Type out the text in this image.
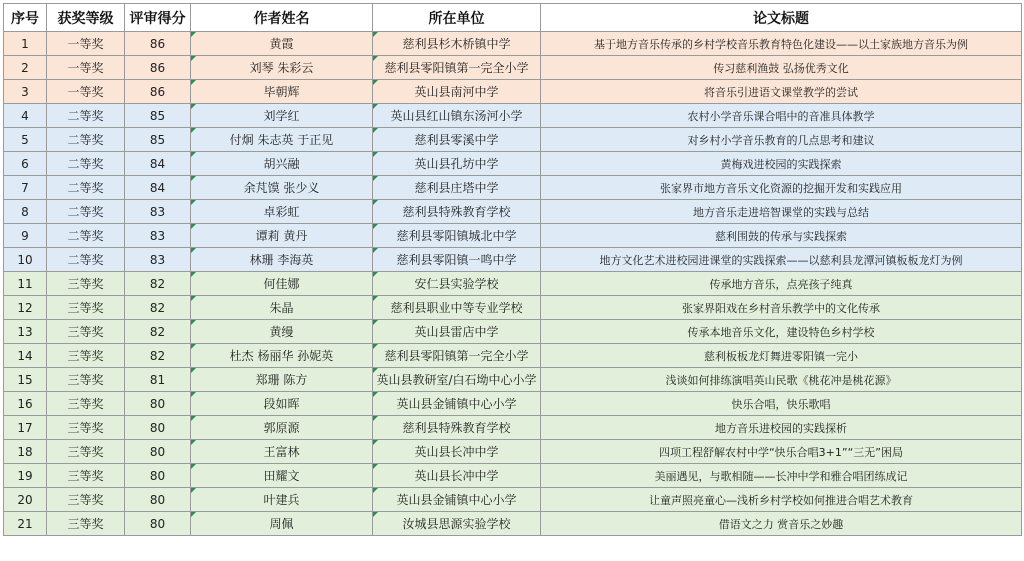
序号	获奖等级	评审得分	作者姓名	所在单位	论文标题
1	一等奖	86	黄霞	慈利县杉木桥镇中学	基于地方音乐传承的乡村学校音乐教育特色化建设——以土家族地方音乐为例
2	一等奖	86	刘琴 朱彩云	慈利县零阳镇第一完全小学	传习慈利渔鼓 弘扬优秀文化
3	一等奖	86	毕朝辉	英山县南河中学	将音乐引进语文课堂教学的尝试
4	二等奖	85	刘学红	英山县红山镇东汤河小学	农村小学音乐课合唱中的音准具体教学
5	二等奖	85	付炯 朱志英 于正见	慈利县零溪中学	对乡村小学音乐教育的几点思考和建议
6	二等奖	84	胡兴融	英山县孔坊中学	黄梅戏进校园的实践探索
7	二等奖	84	余芃馍 张少义	慈利县庄塔中学	张家界市地方音乐文化资源的挖掘开发和实践应用
8	二等奖	83	卓彩虹	慈利县特殊教育学校	地方音乐走进培智课堂的实践与总结
9	二等奖	83	谭莉 黄丹	慈利县零阳镇城北中学	慈利围鼓的传承与实践探索
10	二等奖	83	林珊 李海英	慈利县零阳镇一鸣中学	地方文化艺术进校园进课堂的实践探索——以慈利县龙潭河镇板板龙灯为例
11	三等奖	82	何佳娜	安仁县实验学校	传承地方音乐，点亮孩子纯真
12	三等奖	82	朱晶	慈利县职业中等专业学校	张家界阳戏在乡村音乐教学中的文化传承
13	三等奖	82	黄缦	英山县雷店中学	传承本地音乐文化，建设特色乡村学校
14	三等奖	82	杜杰 杨丽华 孙妮英	慈利县零阳镇第一完全小学	慈利板板龙灯舞进零阳镇一完小
15	三等奖	81	郑珊 陈方	英山县教研室/白石坳中心小学	浅谈如何排练演唱英山民歌《桃花冲是桃花源》
16	三等奖	80	段如晖	英山县金铺镇中心小学	快乐合唱，快乐歌唱
17	三等奖	80	郭原源	慈利县特殊教育学校	地方音乐进校园的实践探析
18	三等奖	80	王富林	英山县长冲中学	四项工程舒解农村中学“快乐合唱3+1”“三无”困局
19	三等奖	80	田耀文	英山县长冲中学	美丽遇见，与歌相随——长冲中学和雅合唱团练成记
20	三等奖	80	叶建兵	英山县金铺镇中心小学	让童声照亮童心—浅析乡村学校如何推进合唱艺术教育
21	三等奖	80	周佩	汝城县思源实验学校	借语文之力 赏音乐之妙趣
